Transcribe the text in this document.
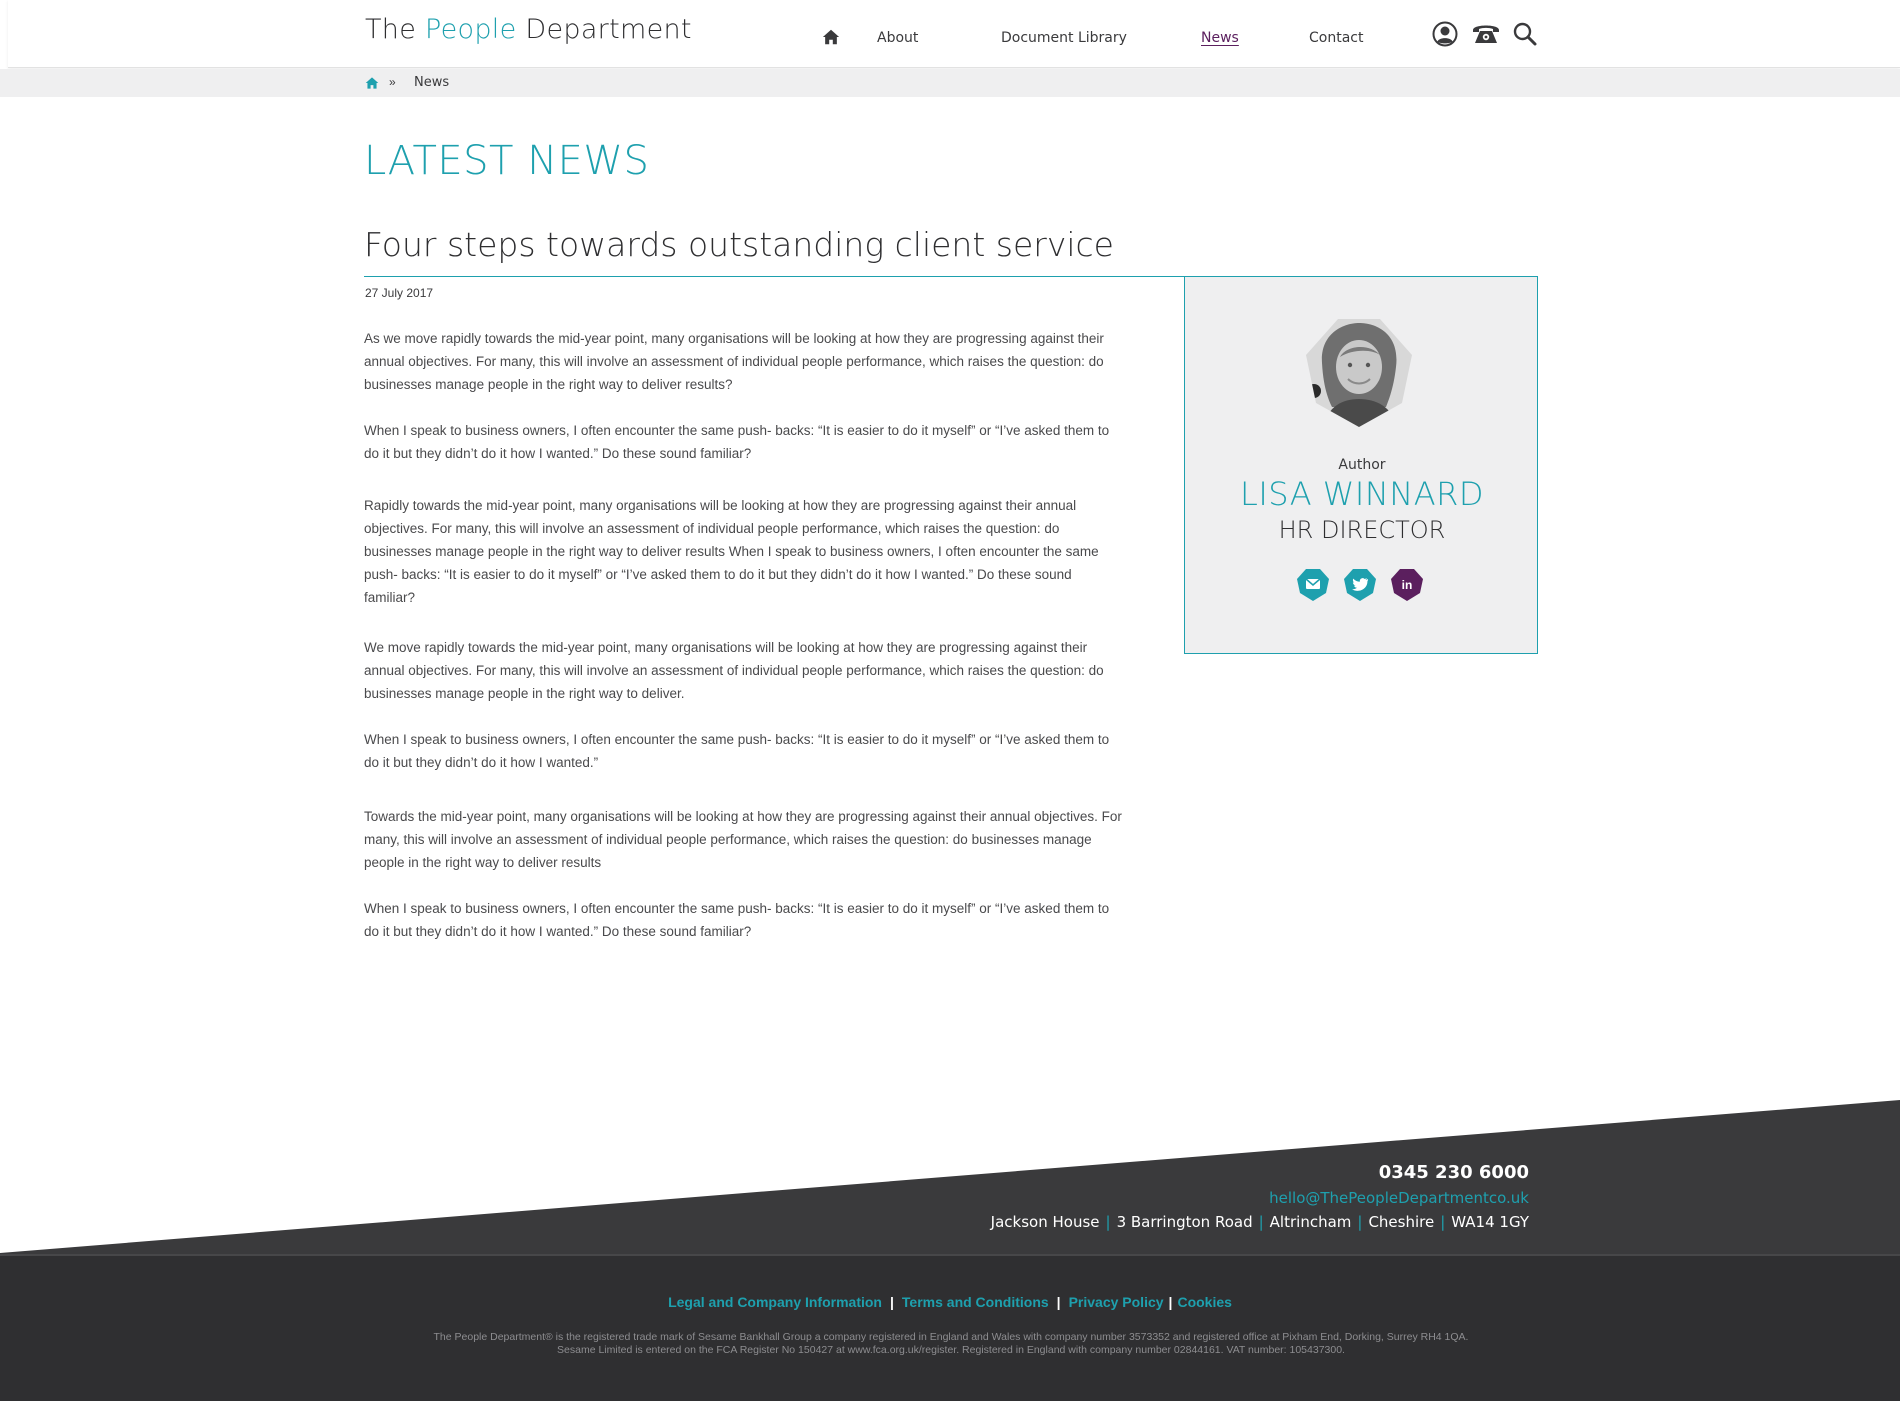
The People Department	About	Document Library	News	Contact
» News
LATEST NEWS
Four steps towards outstanding client service
27 July 2017

As we move rapidly towards the mid-year point, many organisations will be looking at how they are progressing against their annual objectives. For many, this will involve an assessment of individual people performance, which raises the question: do businesses manage people in the right way to deliver results?

When I speak to business owners, I often encounter the same push- backs: “It is easier to do it myself” or “I’ve asked them to do it but they didn’t do it how I wanted.” Do these sound familiar?

Rapidly towards the mid-year point, many organisations will be looking at how they are progressing against their annual objectives. For many, this will involve an assessment of individual people performance, which raises the question: do businesses manage people in the right way to deliver results When I speak to business owners, I often encounter the same push- backs: “It is easier to do it myself” or “I’ve asked them to do it but they didn’t do it how I wanted.” Do these sound familiar?

We move rapidly towards the mid-year point, many organisations will be looking at how they are progressing against their annual objectives. For many, this will involve an assessment of individual people performance, which raises the question: do businesses manage people in the right way to deliver.

When I speak to business owners, I often encounter the same push- backs: “It is easier to do it myself” or “I’ve asked them to do it but they didn’t do it how I wanted.”

Towards the mid-year point, many organisations will be looking at how they are progressing against their annual objectives. For many, this will involve an assessment of individual people performance, which raises the question: do businesses manage people in the right way to deliver results

When I speak to business owners, I often encounter the same push- backs: “It is easier to do it myself” or “I’ve asked them to do it but they didn’t do it how I wanted.” Do these sound familiar?

Author
LISA WINNARD
HR DIRECTOR
in
0345 230 6000
hello@ThePeopleDepartmentco.uk
Jackson House | 3 Barrington Road | Altrincham | Cheshire | WA14 1GY
Legal and Company Information | Terms and Conditions | Privacy Policy | Cookies
The People Department® is the registered trade mark of Sesame Bankhall Group a company registered in England and Wales with company number 3573352 and registered office at Pixham End, Dorking, Surrey RH4 1QA.
Sesame Limited is entered on the FCA Register No 150427 at www.fca.org.uk/register. Registered in England with company number 02844161. VAT number: 105437300.
